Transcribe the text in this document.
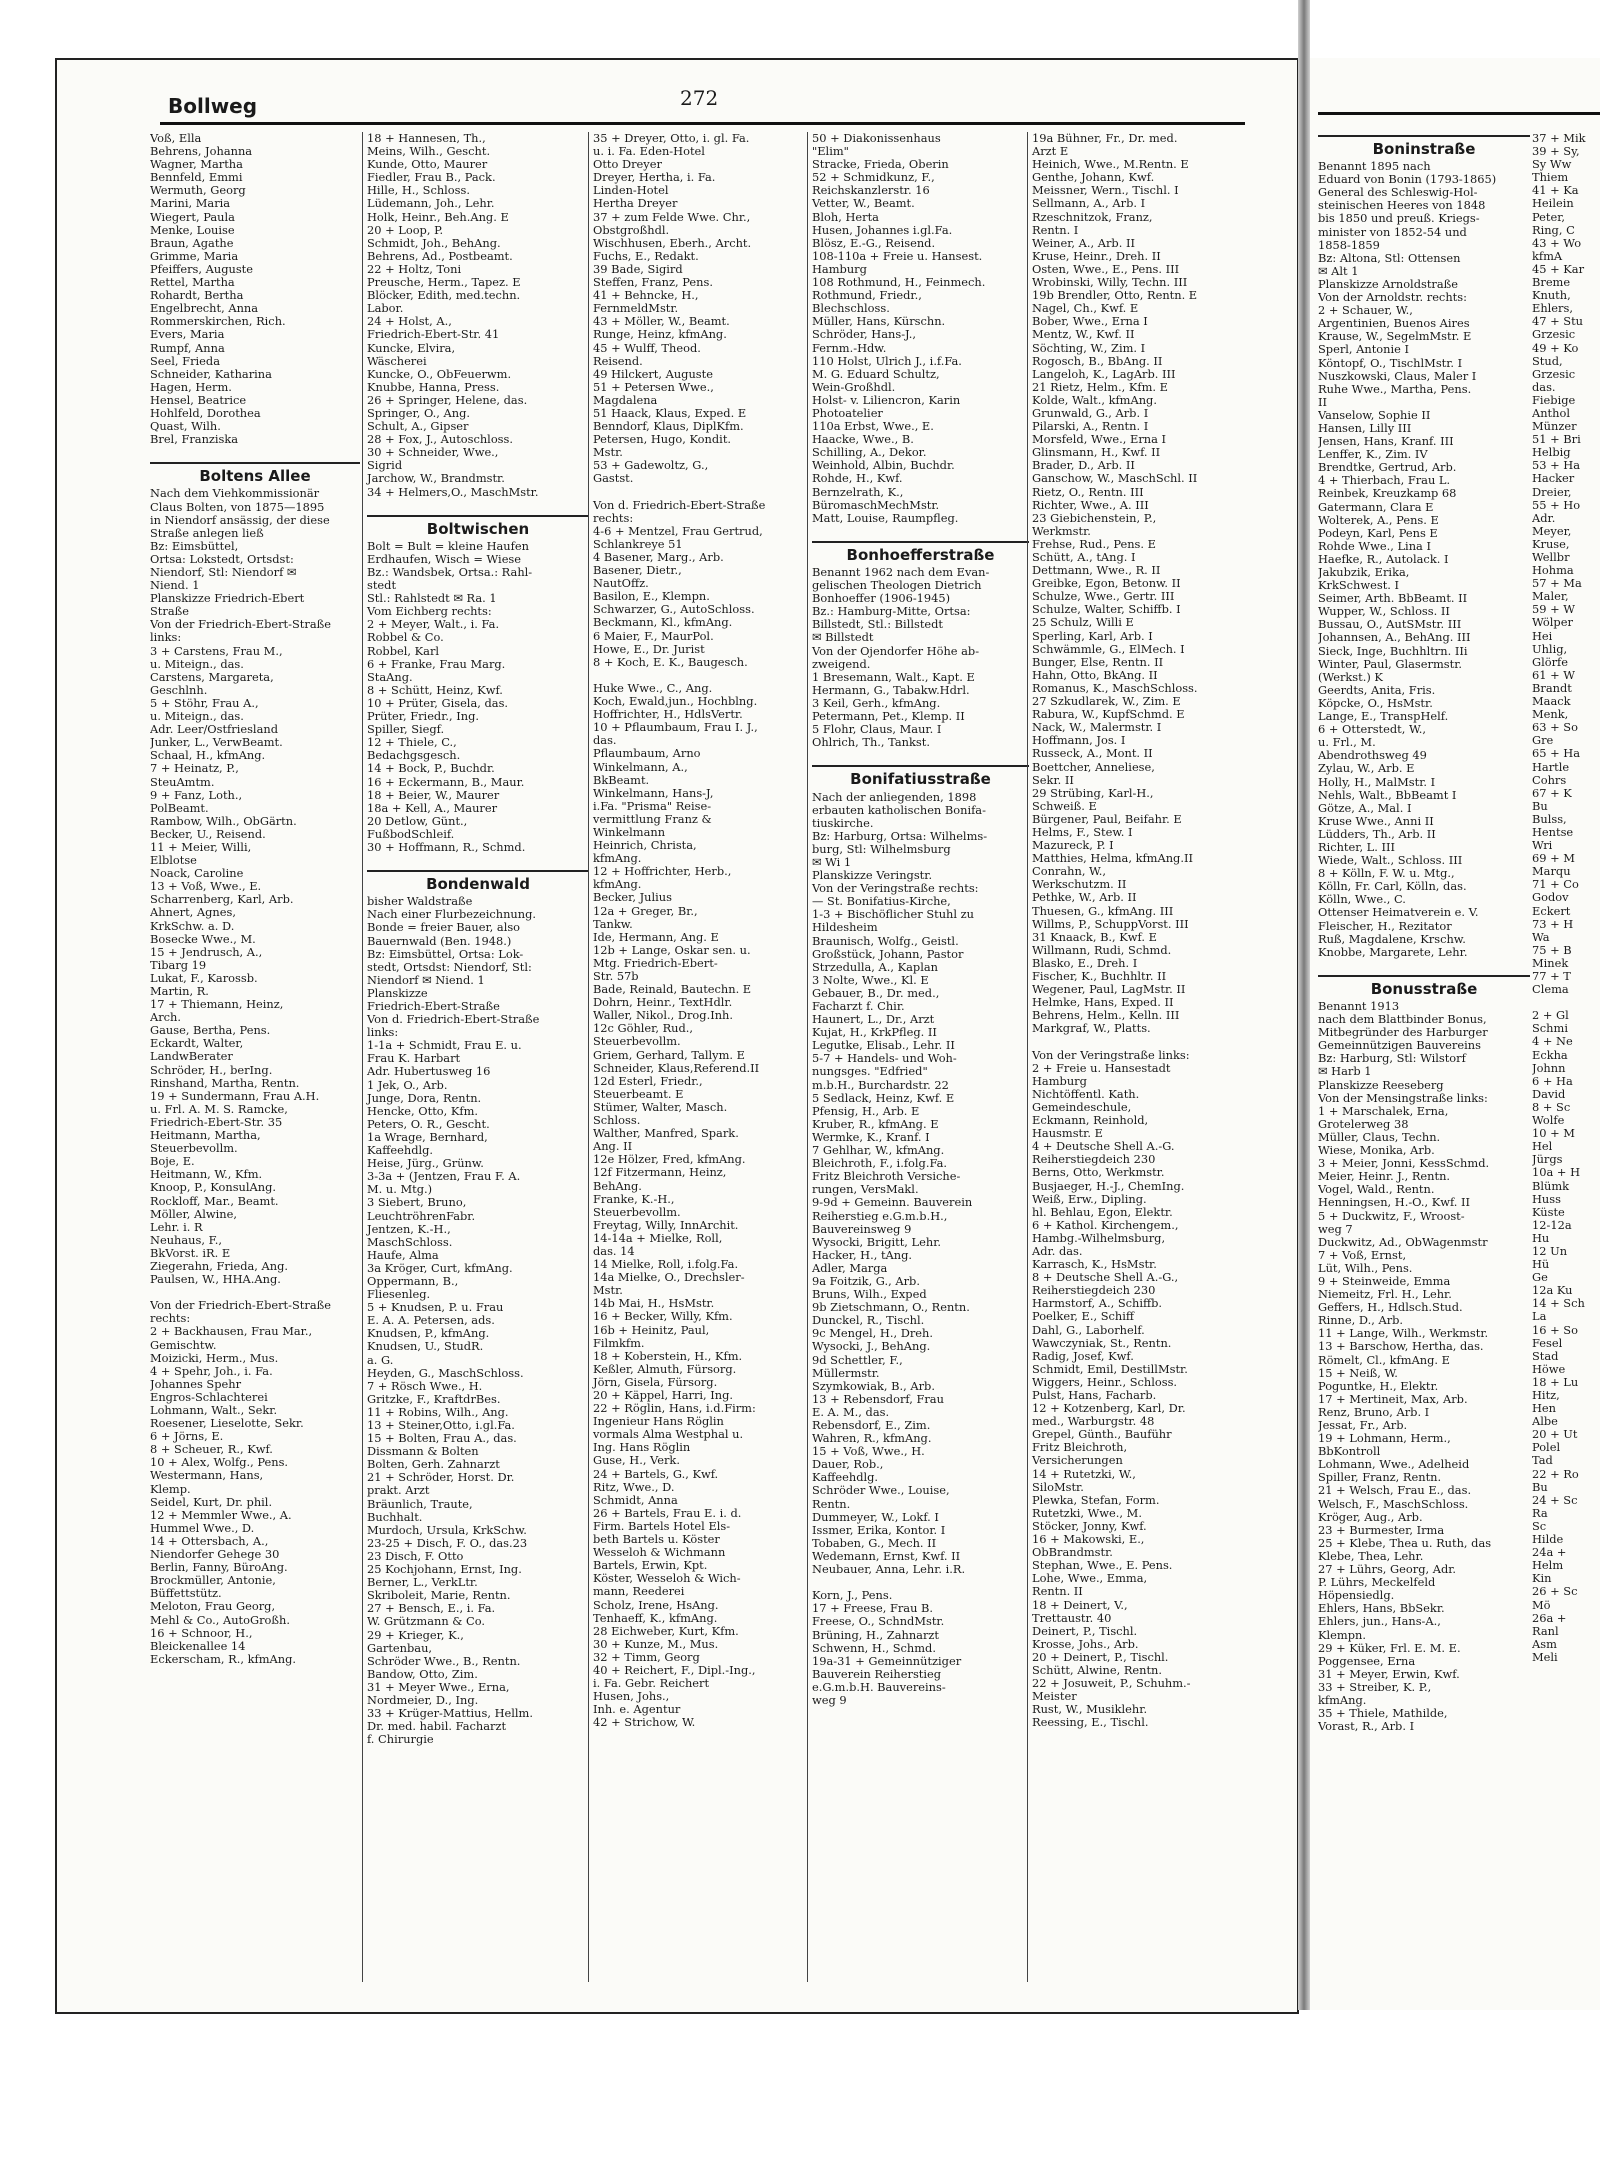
Bollweg	272
Voß, Ella
Behrens, Johanna
Wagner, Martha
Bennfeld, Emmi
Wermuth, Georg
Marini, Maria
Wiegert, Paula
Menke, Louise
Braun, Agathe
Grimme, Maria
Pfeiffers, Auguste
Rettel, Martha
Rohardt, Bertha
Engelbrecht, Anna
Rommerskirchen, Rich.
Evers, Maria
Rumpf, Anna
Seel, Frieda
Schneider, Katharina
Hagen, Herm.
Hensel, Beatrice
Hohlfeld, Dorothea
Quast, Wilh.
Brel, Franziska

Boltens Allee
Nach dem Viehkommissionär
Claus Bolten, von 1875—1895
in Niendorf ansässig, der diese
Straße anlegen ließ
Bz: Eimsbüttel,
Ortsa: Lokstedt, Ortsdst:
Niendorf, Stl: Niendorf ✉
Niend. 1
Planskizze Friedrich-Ebert
Straße
Von der Friedrich-Ebert-Straße
links:
3 + Carstens, Frau M.,
u. Miteign., das.
Carstens, Margareta,
Geschlnh.
5 + Stöhr, Frau A.,
u. Miteign., das.
Adr. Leer/Ostfriesland
Junker, L., VerwBeamt.
Schaal, H., kfmAng.
7 + Heinatz, P.,
SteuAmtm.
9 + Fanz, Loth.,
PolBeamt.
Rambow, Wilh., ObGärtn.
Becker, U., Reisend.
11 + Meier, Willi,
Elblotse
Noack, Caroline
13 + Voß, Wwe., E.
Scharrenberg, Karl, Arb.
Ahnert, Agnes,
KrkSchw. a. D.
Bosecke Wwe., M.
15 + Jendrusch, A.,
Tibarg 19
Lukat, F., Karossb.
Martin, R.
17 + Thiemann, Heinz,
Arch.
Gause, Bertha, Pens.
Eckardt, Walter,
LandwBerater
Schröder, H., berIng.
Rinshand, Martha, Rentn.
19 + Sundermann, Frau A.H.
u. Frl. A. M. S. Ramcke,
Friedrich-Ebert-Str. 35
Heitmann, Martha,
Steuerbevollm.
Boje, E.
Heitmann, W., Kfm.
Knoop, P., KonsulAng.
Rockloff, Mar., Beamt.
Möller, Alwine,
Lehr. i. R
Neuhaus, F.,
BkVorst. iR. E
Ziegerahn, Frieda, Ang.
Paulsen, W., HHA.Ang.

Von der Friedrich-Ebert-Straße
rechts:
2 + Backhausen, Frau Mar.,
Gemischtw.
Moizicki, Herm., Mus.
4 + Spehr, Joh., i. Fa.
Johannes Spehr
Engros-Schlachterei
Lohmann, Walt., Sekr.
Roesener, Lieselotte, Sekr.
6 + Jörns, E.
8 + Scheuer, R., Kwf.
10 + Alex, Wolfg., Pens.
Westermann, Hans,
Klemp.
Seidel, Kurt, Dr. phil.
12 + Memmler Wwe., A.
Hummel Wwe., D.
14 + Ottersbach, A.,
Niendorfer Gehege 30
Berlin, Fanny, BüroAng.
Brockmüller, Antonie,
Büffettstütz.
Meloton, Frau Georg,
Mehl & Co., AutoGroßh.
16 + Schnoor, H.,
Bleickenallee 14
Eckerscham, R., kfmAng.
18 + Hannesen, Th.,
Meins, Wilh., Gescht.
Kunde, Otto, Maurer
Fiedler, Frau B., Pack.
Hille, H., Schloss.
Lüdemann, Joh., Lehr.
Holk, Heinr., Beh.Ang. E
20 + Loop, P.
Schmidt, Joh., BehAng.
Behrens, Ad., Postbeamt.
22 + Holtz, Toni
Preusche, Herm., Tapez. E
Blöcker, Edith, med.techn.
Labor.
24 + Holst, A.,
Friedrich-Ebert-Str. 41
Kuncke, Elvira,
Wäscherei
Kuncke, O., ObFeuerwm.
Knubbe, Hanna, Press.
26 + Springer, Helene, das.
Springer, O., Ang.
Schult, A., Gipser
28 + Fox, J., Autoschloss.
30 + Schneider, Wwe.,
Sigrid
Jarchow, W., Brandmstr.
34 + Helmers,O., MaschMstr.

Boltwischen
Bolt = Bult = kleine Haufen
Erdhaufen, Wisch = Wiese
Bz.: Wandsbek, Ortsa.: Rahl-
stedt
Stl.: Rahlstedt ✉ Ra. 1
Vom Eichberg rechts:
2 + Meyer, Walt., i. Fa.
Robbel & Co.
Robbel, Karl
6 + Franke, Frau Marg.
StaAng.
8 + Schütt, Heinz, Kwf.
10 + Prüter, Gisela, das.
Prüter, Friedr., Ing.
Spiller, Siegf.
12 + Thiele, C.,
Bedachgsgesch.
14 + Bock, P., Buchdr.
16 + Eckermann, B., Maur.
18 + Beier, W., Maurer
18a + Kell, A., Maurer
20 Detlow, Günt.,
FußbodSchleif.
30 + Hoffmann, R., Schmd.

Bondenwald
bisher Waldstraße
Nach einer Flurbezeichnung.
Bonde = freier Bauer, also
Bauernwald (Ben. 1948.)
Bz: Eimsbüttel, Ortsa: Lok-
stedt, Ortsdst: Niendorf, Stl:
Niendorf ✉ Niend. 1
Planskizze
Friedrich-Ebert-Straße
Von d. Friedrich-Ebert-Straße
links:
1-1a + Schmidt, Frau E. u.
Frau K. Harbart
Adr. Hubertusweg 16
1 Jek, O., Arb.
Junge, Dora, Rentn.
Hencke, Otto, Kfm.
Peters, O. R., Gescht.
1a Wrage, Bernhard,
Kaffeehdlg.
Heise, Jürg., Grünw.
3-3a + (Jentzen, Frau F. A.
M. u. Mtg.)
3 Siebert, Bruno,
LeuchtröhrenFabr.
Jentzen, K.-H.,
MaschSchloss.
Haufe, Alma
3a Kröger, Curt, kfmAng.
Oppermann, B.,
Fliesenleg.
5 + Knudsen, P. u. Frau
E. A. A. Petersen, ads.
Knudsen, P., kfmAng.
Knudsen, U., StudR.
a. G.
Heyden, G., MaschSchloss.
7 + Rösch Wwe., H.
Gritzke, F., KraftdrBes.
11 + Robins, Wilh., Ang.
13 + Steiner,Otto, i.gl.Fa.
15 + Bolten, Frau A., das.
Dissmann & Bolten
Bolten, Gerh. Zahnarzt
21 + Schröder, Horst. Dr.
prakt. Arzt
Bräunlich, Traute,
Buchhalt.
Murdoch, Ursula, KrkSchw.
23-25 + Disch, F. O., das.23
23 Disch, F. Otto
25 Kochjohann, Ernst, Ing.
Berner, L., VerkLtr.
Skriboleit, Marie, Rentn.
27 + Bensch, E., i. Fa.
W. Grützmann & Co.
29 + Krieger, K.,
Gartenbau,
Schröder Wwe., B., Rentn.
Bandow, Otto, Zim.
31 + Meyer Wwe., Erna,
Nordmeier, D., Ing.
33 + Krüger-Mattius, Hellm.
Dr. med. habil. Facharzt
f. Chirurgie
35 + Dreyer, Otto, i. gl. Fa.
u. i. Fa. Eden-Hotel
Otto Dreyer
Dreyer, Hertha, i. Fa.
Linden-Hotel
Hertha Dreyer
37 + zum Felde Wwe. Chr.,
Obstgroßhdl.
Wischhusen, Eberh., Archt.
Fuchs, E., Redakt.
39 Bade, Sigird
Steffen, Franz, Pens.
41 + Behncke, H.,
FernmeldMstr.
43 + Möller, W., Beamt.
Runge, Heinz, kfmAng.
45 + Wulff, Theod.
Reisend.
49 Hilckert, Auguste
51 + Petersen Wwe.,
Magdalena
51 Haack, Klaus, Exped. E
Benndorf, Klaus, DiplKfm.
Petersen, Hugo, Kondit.
Mstr.
53 + Gadewoltz, G.,
Gastst.

Von d. Friedrich-Ebert-Straße
rechts:
4-6 + Mentzel, Frau Gertrud,
Schlankreye 51
4 Basener, Marg., Arb.
Basener, Dietr.,
NautOffz.
Basilon, E., Klempn.
Schwarzer, G., AutoSchloss.
Beckmann, Kl., kfmAng.
6 Maier, F., MaurPol.
Howe, E., Dr. Jurist
8 + Koch, E. K., Baugesch.

Huke Wwe., C., Ang.
Koch, Ewald,jun., Hochblng.
Hoffrichter, H., HdlsVertr.
10 + Pflaumbaum, Frau I. J.,
das.
Pflaumbaum, Arno
Winkelmann, A.,
BkBeamt.
Winkelmann, Hans-J,
i.Fa. "Prisma" Reise-
vermittlung Franz &
Winkelmann
Heinrich, Christa,
kfmAng.
12 + Hoffrichter, Herb.,
kfmAng.
Becker, Julius
12a + Greger, Br.,
Tankw.
Ide, Hermann, Ang. E
12b + Lange, Oskar sen. u.
Mtg. Friedrich-Ebert-
Str. 57b
Bade, Reinald, Bautechn. E
Dohrn, Heinr., TextHdlr.
Waller, Nikol., Drog.Inh.
12c Göhler, Rud.,
Steuerbevollm.
Griem, Gerhard, Tallym. E
Schneider, Klaus,Referend.II
12d Esterl, Friedr.,
Steuerbeamt. E
Stümer, Walter, Masch.
Schloss.
Walther, Manfred, Spark.
Ang. II
12e Hölzer, Fred, kfmAng.
12f Fitzermann, Heinz,
BehAng.
Franke, K.-H.,
Steuerbevollm.
Freytag, Willy, InnArchit.
14-14a + Mielke, Roll,
das. 14
14 Mielke, Roll, i.folg.Fa.
14a Mielke, O., Drechsler-
Mstr.
14b Mai, H., HsMstr.
16 + Becker, Willy, Kfm.
16b + Heinitz, Paul,
Filmkfm.
18 + Koberstein, H., Kfm.
Keßler, Almuth, Fürsorg.
Jörn, Gisela, Fürsorg.
20 + Käppel, Harri, Ing.
22 + Röglin, Hans, i.d.Firm:
Ingenieur Hans Röglin
vormals Alma Westphal u.
Ing. Hans Röglin
Guse, H., Verk.
24 + Bartels, G., Kwf.
Ritz, Wwe., D.
Schmidt, Anna
26 + Bartels, Frau E. i. d.
Firm. Bartels Hotel Els-
beth Bartels u. Köster
Wesseloh & Wichmann
Bartels, Erwin, Kpt.
Köster, Wesseloh & Wich-
mann, Reederei
Scholz, Irene, HsAng.
Tenhaeff, K., kfmAng.
28 Eichweber, Kurt, Kfm.
30 + Kunze, M., Mus.
32 + Timm, Georg
40 + Reichert, F., Dipl.-Ing.,
i. Fa. Gebr. Reichert
Husen, Johs.,
Inh. e. Agentur
42 + Strichow, W.
50 + Diakonissenhaus
"Elim"
Stracke, Frieda, Oberin
52 + Schmidkunz, F.,
Reichskanzlerstr. 16
Vetter, W., Beamt.
Bloh, Herta
Husen, Johannes i.gl.Fa.
Blösz, E.-G., Reisend.
108-110a + Freie u. Hansest.
Hamburg
108 Rothmund, H., Feinmech.
Rothmund, Friedr.,
Blechschloss.
Müller, Hans, Kürschn.
Schröder, Hans-J.,
Fernm.-Hdw.
110 Holst, Ulrich J., i.f.Fa.
M. G. Eduard Schultz,
Wein-Großhdl.
Holst- v. Liliencron, Karin
Photoatelier
110a Erbst, Wwe., E.
Haacke, Wwe., B.
Schilling, A., Dekor.
Weinhold, Albin, Buchdr.
Rohde, H., Kwf.
Bernzelrath, K.,
BüromaschMechMstr.
Matt, Louise, Raumpfleg.

Bonhoefferstraße
Benannt 1962 nach dem Evan-
gelischen Theologen Dietrich
Bonhoeffer (1906-1945)
Bz.: Hamburg-Mitte, Ortsa:
Billstedt, Stl.: Billstedt
✉ Billstedt
Von der Ojendorfer Höhe ab-
zweigend.
1 Bresemann, Walt., Kapt. E
Hermann, G., Tabakw.Hdrl.
3 Keil, Gerh., kfmAng.
Petermann, Pet., Klemp. II
5 Flohr, Claus, Maur. I
Ohlrich, Th., Tankst.

Bonifatiusstraße
Nach der anliegenden, 1898
erbauten katholischen Bonifa-
tiuskirche.
Bz: Harburg, Ortsa: Wilhelms-
burg, Stl: Wilhelmsburg
✉ Wi 1
Planskizze Veringstr.
Von der Veringstraße rechts:
— St. Bonifatius-Kirche,
1-3 + Bischöflicher Stuhl zu
Hildesheim
Braunisch, Wolfg., Geistl.
Großstück, Johann, Pastor
Strzedulla, A., Kaplan
3 Nolte, Wwe., Kl. E
Gebauer, B., Dr. med.,
Facharzt f. Chir.
Haunert, L., Dr., Arzt
Kujat, H., KrkPfleg. II
Legutke, Elisab., Lehr. II
5-7 + Handels- und Woh-
nungsges. "Edfried"
m.b.H., Burchardstr. 22
5 Sedlack, Heinz, Kwf. E
Pfensig, H., Arb. E
Kruber, R., kfmAng. E
Wermke, K., Kranf. I
7 Gehlhar, W., kfmAng.
Bleichroth, F., i.folg.Fa.
Fritz Bleichroth Versiche-
rungen, VersMakl.
9-9d + Gemeinn. Bauverein
Reiherstieg e.G.m.b.H.,
Bauvereinsweg 9
Wysocki, Brigitt, Lehr.
Hacker, H., tAng.
Adler, Marga
9a Foitzik, G., Arb.
Bruns, Wilh., Exped
9b Zietschmann, O., Rentn.
Dunckel, R., Tischl.
9c Mengel, H., Dreh.
Wysocki, J., BehAng.
9d Schettler, F.,
Müllermstr.
Szymkowiak, B., Arb.
13 + Rebensdorf, Frau
E. A. M., das.
Rebensdorf, E., Zim.
Wahren, R., kfmAng.
15 + Voß, Wwe., H.
Dauer, Rob.,
Kaffeehdlg.
Schröder Wwe., Louise,
Rentn.
Dummeyer, W., Lokf. I
Issmer, Erika, Kontor. I
Tobaben, G., Mech. II
Wedemann, Ernst, Kwf. II
Neubauer, Anna, Lehr. i.R.

Korn, J., Pens.
17 + Freese, Frau B.
Freese, O., SchndMstr.
Brüning, H., Zahnarzt
Schwenn, H., Schmd.
19a-31 + Gemeinnütziger
Bauverein Reiherstieg
e.G.m.b.H. Bauvereins-
weg 9
19a Bühner, Fr., Dr. med.
Arzt E
Heinich, Wwe., M.Rentn. E
Genthe, Johann, Kwf.
Meissner, Wern., Tischl. I
Sellmann, A., Arb. I
Rzeschnitzok, Franz,
Rentn. I
Weiner, A., Arb. II
Kruse, Heinr., Dreh. II
Osten, Wwe., E., Pens. III
Wrobinski, Willy, Techn. III
19b Brendler, Otto, Rentn. E
Nagel, Ch., Kwf. E
Bober, Wwe., Erna I
Mentz, W., Kwf. II
Söchting, W., Zim. I
Rogosch, B., BbAng. II
Langeloh, K., LagArb. III
21 Rietz, Helm., Kfm. E
Kolde, Walt., kfmAng.
Grunwald, G., Arb. I
Pilarski, A., Rentn. I
Morsfeld, Wwe., Erna I
Glinsmann, H., Kwf. II
Brader, D., Arb. II
Ganschow, W., MaschSchl. II
Rietz, O., Rentn. III
Richter, Wwe., A. III
23 Giebichenstein, P.,
Werkmstr.
Frehse, Rud., Pens. E
Schütt, A., tAng. I
Dettmann, Wwe., R. II
Greibke, Egon, Betonw. II
Schulze, Wwe., Gertr. III
Schulze, Walter, Schiffb. I
25 Schulz, Willi E
Sperling, Karl, Arb. I
Schwämmle, G., ElMech. I
Bunger, Else, Rentn. II
Hahn, Otto, BkAng. II
Romanus, K., MaschSchloss.
27 Szkudlarek, W., Zim. E
Rabura, W., KupfSchmd. E
Nack, W., Malermstr. I
Hoffmann, Jos. I
Russeck, A., Mont. II
Boettcher, Anneliese,
Sekr. II
29 Strübing, Karl-H.,
Schweiß. E
Bürgener, Paul, Beifahr. E
Helms, F., Stew. I
Mazureck, P. I
Matthies, Helma, kfmAng.II
Conrahn, W.,
Werkschutzm. II
Pethke, W., Arb. II
Thuesen, G., kfmAng. III
Willms, P., SchuppVorst. III
31 Knaack, B., Kwf. E
Willmann, Rudi, Schmd.
Blasko, E., Dreh. I
Fischer, K., Buchhltr. II
Wegener, Paul, LagMstr. II
Helmke, Hans, Exped. II
Behrens, Helm., Kelln. III
Markgraf, W., Platts.

Von der Veringstraße links:
2 + Freie u. Hansestadt
Hamburg
Nichtöffentl. Kath.
Gemeindeschule,
Eckmann, Reinhold,
Hausmstr. E
4 + Deutsche Shell A.-G.
Reiherstiegdeich 230
Berns, Otto, Werkmstr.
Busjaeger, H.-J., ChemIng.
Weiß, Erw., Dipling.
hl. Behlau, Egon, Elektr.
6 + Kathol. Kirchengem.,
Hambg.-Wilhelmsburg,
Adr. das.
Karrasch, K., HsMstr.
8 + Deutsche Shell A.-G.,
Reiherstiegdeich 230
Harmstorf, A., Schiffb.
Poelker, E., Schiff
Dahl, G., Laborhelf.
Wawczyniak, St., Rentn.
Radig, Josef, Kwf.
Schmidt, Emil, DestillMstr.
Wiggers, Heinr., Schloss.
Pulst, Hans, Facharb.
12 + Kotzenberg, Karl, Dr.
med., Warburgstr. 48
Grepel, Günth., Bauführ
Fritz Bleichroth,
Versicherungen
14 + Rutetzki, W.,
SiloMstr.
Plewka, Stefan, Form.
Rutetzki, Wwe., M.
Stöcker, Jonny, Kwf.
16 + Makowski, E.,
ObBrandmstr.
Stephan, Wwe., E. Pens.
Lohe, Wwe., Emma,
Rentn. II
18 + Deinert, V.,
Trettaustr. 40
Deinert, P., Tischl.
Krosse, Johs., Arb.
20 + Deinert, P., Tischl.
Schütt, Alwine, Rentn.
22 + Josuweit, P., Schuhm.-
Meister
Rust, W., Musiklehr.
Reessing, E., Tischl.
Boninstraße
Benannt 1895 nach
Eduard von Bonin (1793-1865)
General des Schleswig-Hol-
steinischen Heeres von 1848
bis 1850 und preuß. Kriegs-
minister von 1852-54 und
1858-1859
Bz: Altona, Stl: Ottensen
✉ Alt 1
Planskizze Arnoldstraße
Von der Arnoldstr. rechts:
2 + Schauer, W.,
Argentinien, Buenos Aires
Krause, W., SegelmMstr. E
Sperl, Antonie I
Köntopf, O., TischlMstr. I
Nuszkowski, Claus, Maler I
Ruhe Wwe., Martha, Pens.
II
Vanselow, Sophie II
Hansen, Lilly III
Jensen, Hans, Kranf. III
Lenffer, K., Zim. IV
Brendtke, Gertrud, Arb.
4 + Thierbach, Frau L.
Reinbek, Kreuzkamp 68
Gatermann, Clara E
Wolterek, A., Pens. E
Podeyn, Karl, Pens E
Rohde Wwe., Lina I
Haefke, R., Autolack. I
Jakubzik, Erika,
KrkSchwest. I
Seimer, Arth. BbBeamt. II
Wupper, W., Schloss. II
Bussau, O., AutSMstr. III
Johannsen, A., BehAng. III
Sieck, Inge, Buchhltrn. IIi
Winter, Paul, Glasermstr.
(Werkst.) K
Geerdts, Anita, Fris.
Köpcke, O., HsMstr.
Lange, E., TranspHelf.
6 + Otterstedt, W.,
u. Frl., M.
Abendrothsweg 49
Zylau, W., Arb. E
Holly, H., MalMstr. I
Nehls, Walt., BbBeamt I
Götze, A., Mal. I
Kruse Wwe., Anni II
Lüdders, Th., Arb. II
Richter, L. III
Wiede, Walt., Schloss. III
8 + Kölln, F. W. u. Mtg.,
Kölln, Fr. Carl, Kölln, das.
Kölln, Wwe., C.
Ottenser Heimatverein e. V.
Fleischer, H., Rezitator
Ruß, Magdalene, Krschw.
Knobbe, Margarete, Lehr.

Bonusstraße
Benannt 1913
nach dem Blattbinder Bonus,
Mitbegründer des Harburger
Gemeinnützigen Bauvereins
Bz: Harburg, Stl: Wilstorf
✉ Harb 1
Planskizze Reeseberg
Von der Mensingstraße links:
1 + Marschalek, Erna,
Grotelerweg 38
Müller, Claus, Techn.
Wiese, Monika, Arb.
3 + Meier, Jonni, KessSchmd.
Meier, Heinr. J., Rentn.
Vogel, Wald., Rentn.
Henningsen, H.-O., Kwf. II
5 + Duckwitz, F., Wroost-
weg 7
Duckwitz, Ad., ObWagenmstr
7 + Voß, Ernst,
Lüt, Wilh., Pens.
9 + Steinweide, Emma
Niemeitz, Frl. H., Lehr.
Geffers, H., Hdlsch.Stud.
Rinne, D., Arb.
11 + Lange, Wilh., Werkmstr.
13 + Barschow, Hertha, das.
Römelt, Cl., kfmAng. E
15 + Neiß, W.
Poguntke, H., Elektr.
17 + Mertineit, Max, Arb.
Renz, Bruno, Arb. I
Jessat, Fr., Arb.
19 + Lohmann, Herm.,
BbKontroll
Lohmann, Wwe., Adelheid
Spiller, Franz, Rentn.
21 + Welsch, Frau E., das.
Welsch, F., MaschSchloss.
Kröger, Aug., Arb.
23 + Burmester, Irma
25 + Klebe, Thea u. Ruth, das
Klebe, Thea, Lehr.
27 + Lührs, Georg, Adr.
P. Lührs, Meckelfeld
Höpensiedlg.
Ehlers, Hans, BbSekr.
Ehlers, jun., Hans-A.,
Klempn.
29 + Küker, Frl. E. M. E.
Poggensee, Erna
31 + Meyer, Erwin, Kwf.
33 + Streiber, K. P.,
kfmAng.
35 + Thiele, Mathilde,
Vorast, R., Arb. I
37 + Mik
39 + Sy,
Sy Ww
Thiem
41 + Ka
Heilein
Peter,
Ring, C
43 + Wo
kfmA
45 + Kar
Breme
Knuth,
Ehlers,
47 + Stu
Grzesic
49 + Ko
Stud,
Grzesic
das.
Fiebige
Anthol
Münzer
51 + Bri
Helbig
53 + Ha
Hacker
Dreier,
55 + Ho
Adr.
Meyer,
Kruse,
Wellbr
Hohma
57 + Ma
Maler,
59 + W
Wölper
Hei
Uhlig,
Glörfe
61 + W
Brandt
Maack
Menk,
63 + So
Gre
65 + Ha
Hartle
Cohrs
67 + K
Bu
Bulss,
Hentse
Wri
69 + M
Marqu
71 + Co
Godov
Eckert
73 + H
Wa
75 + B
Minek
77 + T
Clema

2 + Gl
Schmi
4 + Ne
Eckha
Johnn
6 + Ha
David
8 + Sc
Wolfe
10 + M
Hel
Jürgs
10a + H
Blümk
Huss
Küste
12-12a
Hu
12 Un
Hü
Ge
12a Ku
14 + Sch
La
16 + So
Fesel
Stad
Höwe
18 + Lu
Hitz,
Hen
Albe
20 + Ut
Polel
Tad
22 + Ro
Bu
24 + Sc
Ra
Sc
Hilde
24a +
Helm
Kin
26 + Sc
Mö
26a +
Ranl
Asm
Meli
